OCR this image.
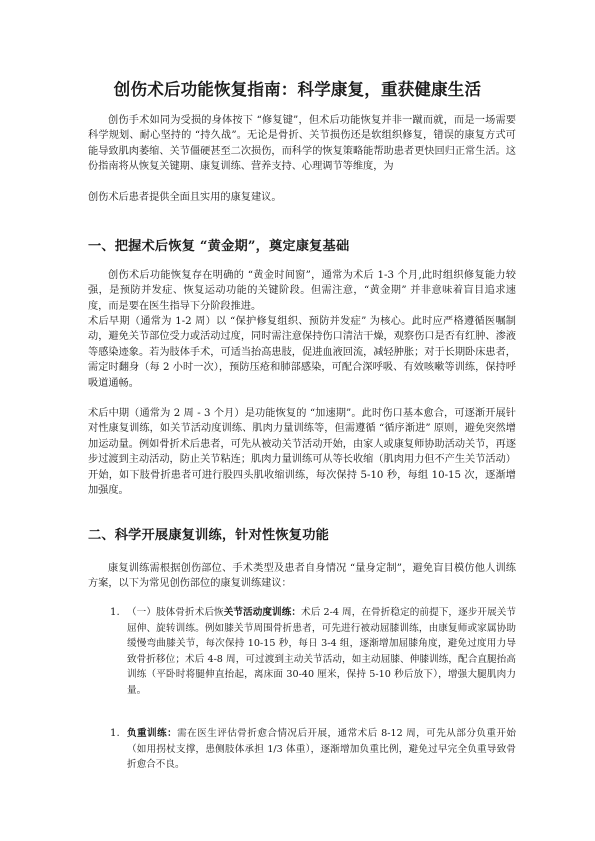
创伤术后功能恢复指南：科学康复，重获健康生活

创伤手术如同为受损的身体按下 “修复键”，但术后功能恢复并非一蹴而就，而是一场需要科学规划、耐心坚持的 “持久战”。无论是骨折、关节损伤还是软组织修复，错误的康复方式可能导致肌肉萎缩、关节僵硬甚至二次损伤，而科学的恢复策略能帮助患者更快回归正常生活。这份指南将从恢复关键期、康复训练、营养支持、心理调节等维度，为

创伤术后患者提供全面且实用的康复建议。

一、把握术后恢复 “黄金期”，奠定康复基础

创伤术后功能恢复存在明确的 “黄金时间窗”，通常为术后 1-3 个月,此时组织修复能力较强，是预防并发症、恢复运动功能的关键阶段。但需注意，“黄金期” 并非意味着盲目追求速度，而是要在医生指导下分阶段推进。

术后早期（通常为 1-2 周）以 “保护修复组织、预防并发症” 为核心。此时应严格遵循医嘱制动，避免关节部位受力或活动过度，同时需注意保持伤口清洁干燥，观察伤口是否有红肿、渗液等感染迹象。若为肢体手术，可适当抬高患肢，促进血液回流，减轻肿胀；对于长期卧床患者，需定时翻身（每 2 小时一次），预防压疮和肺部感染，可配合深呼吸、有效咳嗽等训练，保持呼吸道通畅。

术后中期（通常为 2 周 - 3 个月）是功能恢复的 “加速期”。此时伤口基本愈合，可逐渐开展针对性康复训练，如关节活动度训练、肌肉力量训练等，但需遵循 “循序渐进” 原则，避免突然增加运动量。例如骨折术后患者，可先从被动关节活动开始，由家人或康复师协助活动关节，再逐步过渡到主动活动，防止关节粘连；肌肉力量训练可从等长收缩（肌肉用力但不产生关节活动）开始，如下肢骨折患者可进行股四头肌收缩训练，每次保持 5-10 秒，每组 10-15 次，逐渐增加强度。

二、科学开展康复训练，针对性恢复功能

康复训练需根据创伤部位、手术类型及患者自身情况 “量身定制”，避免盲目模仿他人训练方案，以下为常见创伤部位的康复训练建议：

1. （一）肢体骨折术后恢关节活动度训练：术后 2-4 周，在骨折稳定的前提下，逐步开展关节屈伸、旋转训练。例如膝关节周围骨折患者，可先进行被动屈膝训练，由康复师或家属协助缓慢弯曲膝关节，每次保持 10-15 秒，每日 3-4 组，逐渐增加屈膝角度，避免过度用力导致骨折移位；术后 4-8 周，可过渡到主动关节活动，如主动屈膝、伸膝训练，配合直腿抬高训练（平卧时将腿伸直抬起，离床面 30-40 厘米，保持 5-10 秒后放下），增强大腿肌肉力量。
1. 负重训练：需在医生评估骨折愈合情况后开展，通常术后 8-12 周，可先从部分负重开始（如用拐杖支撑，患侧肢体承担 1/3 体重），逐渐增加负重比例，避免过早完全负重导致骨折愈合不良。
